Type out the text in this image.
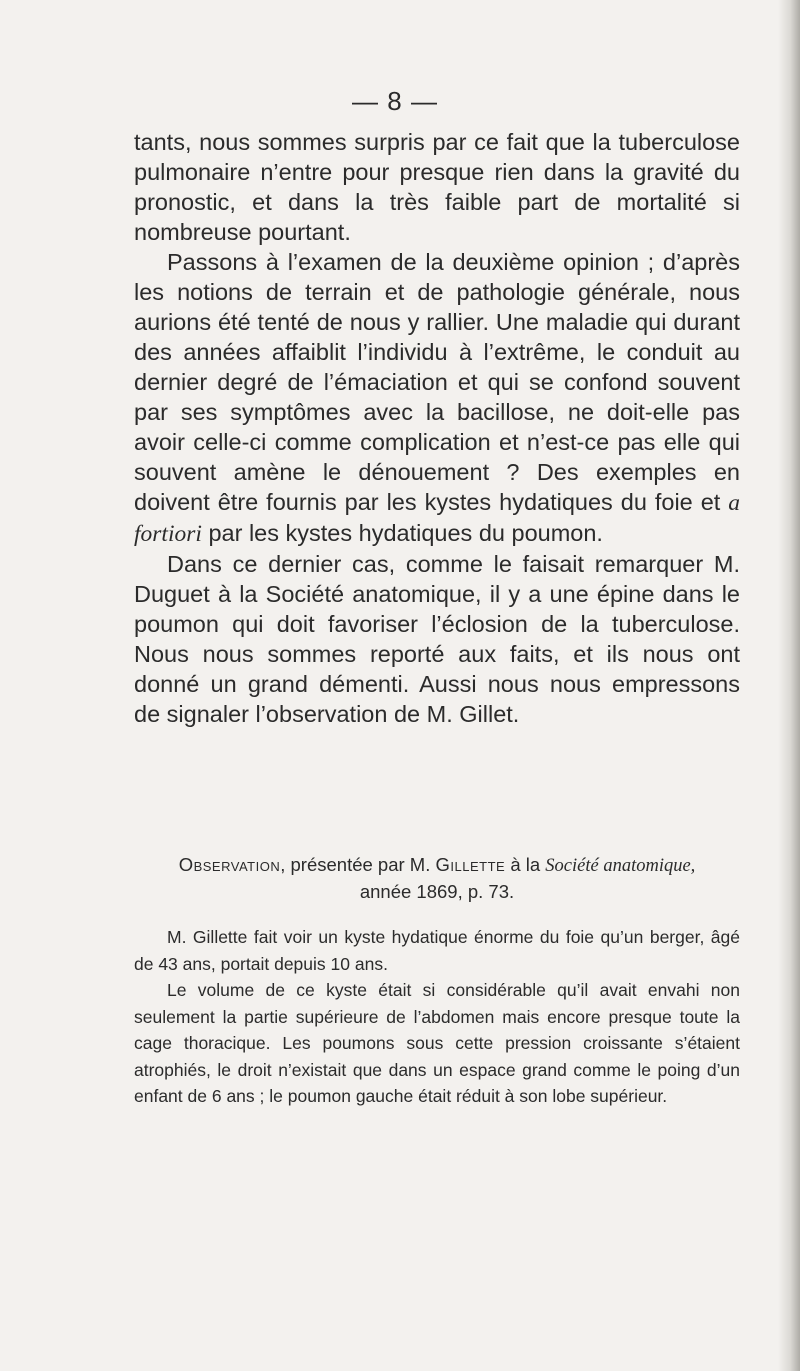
— 8 —

tants, nous sommes surpris par ce fait que la tuberculose pulmonaire n’entre pour presque rien dans la gravité du pronostic, et dans la très faible part de mortalité si nombreuse pourtant.

Passons à l’examen de la deuxième opinion ; d’après les notions de terrain et de pathologie générale, nous aurions été tenté de nous y rallier. Une maladie qui durant des années affaiblit l’individu à l’extrême, le conduit au dernier degré de l’émaciation et qui se confond souvent par ses symptômes avec la bacillose, ne doit-elle pas avoir celle-ci comme complication et n’est-ce pas elle qui souvent amène le dénouement ? Des exemples en doivent être fournis par les kystes hydatiques du foie et a fortiori par les kystes hydatiques du poumon.

Dans ce dernier cas, comme le faisait remarquer M. Duguet à la Société anatomique, il y a une épine dans le poumon qui doit favoriser l’éclosion de la tuberculose. Nous nous sommes reporté aux faits, et ils nous ont donné un grand démenti. Aussi nous nous empressons de signaler l’observation de M. Gillet.

Observation, présentée par M. Gillette à la Société anatomique,
année 1869, p. 73.

M. Gillette fait voir un kyste hydatique énorme du foie qu’un berger, âgé de 43 ans, portait depuis 10 ans.

Le volume de ce kyste était si considérable qu’il avait envahi non seulement la partie supérieure de l’abdomen mais encore presque toute la cage thoracique. Les poumons sous cette pression croissante s’étaient atrophiés, le droit n’existait que dans un espace grand comme le poing d’un enfant de 6 ans ; le poumon gauche était réduit à son lobe supérieur.
